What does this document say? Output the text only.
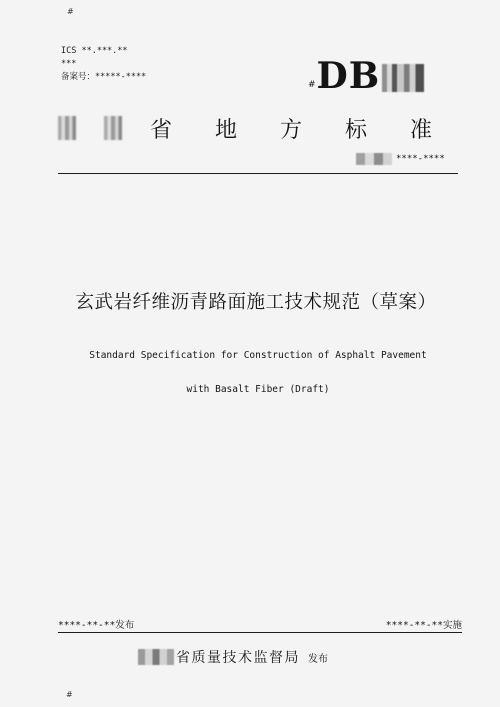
#
ICS **.***.**
***
备案号：*****-****
# DB
省 地 方 标 准
****-****
玄武岩纤维沥青路面施工技术规范（草案）
Standard Specification for Construction of Asphalt Pavement
with Basalt Fiber (Draft)
****-**-**发布	****-**-**实施
省质量技术监督局 发布
#
